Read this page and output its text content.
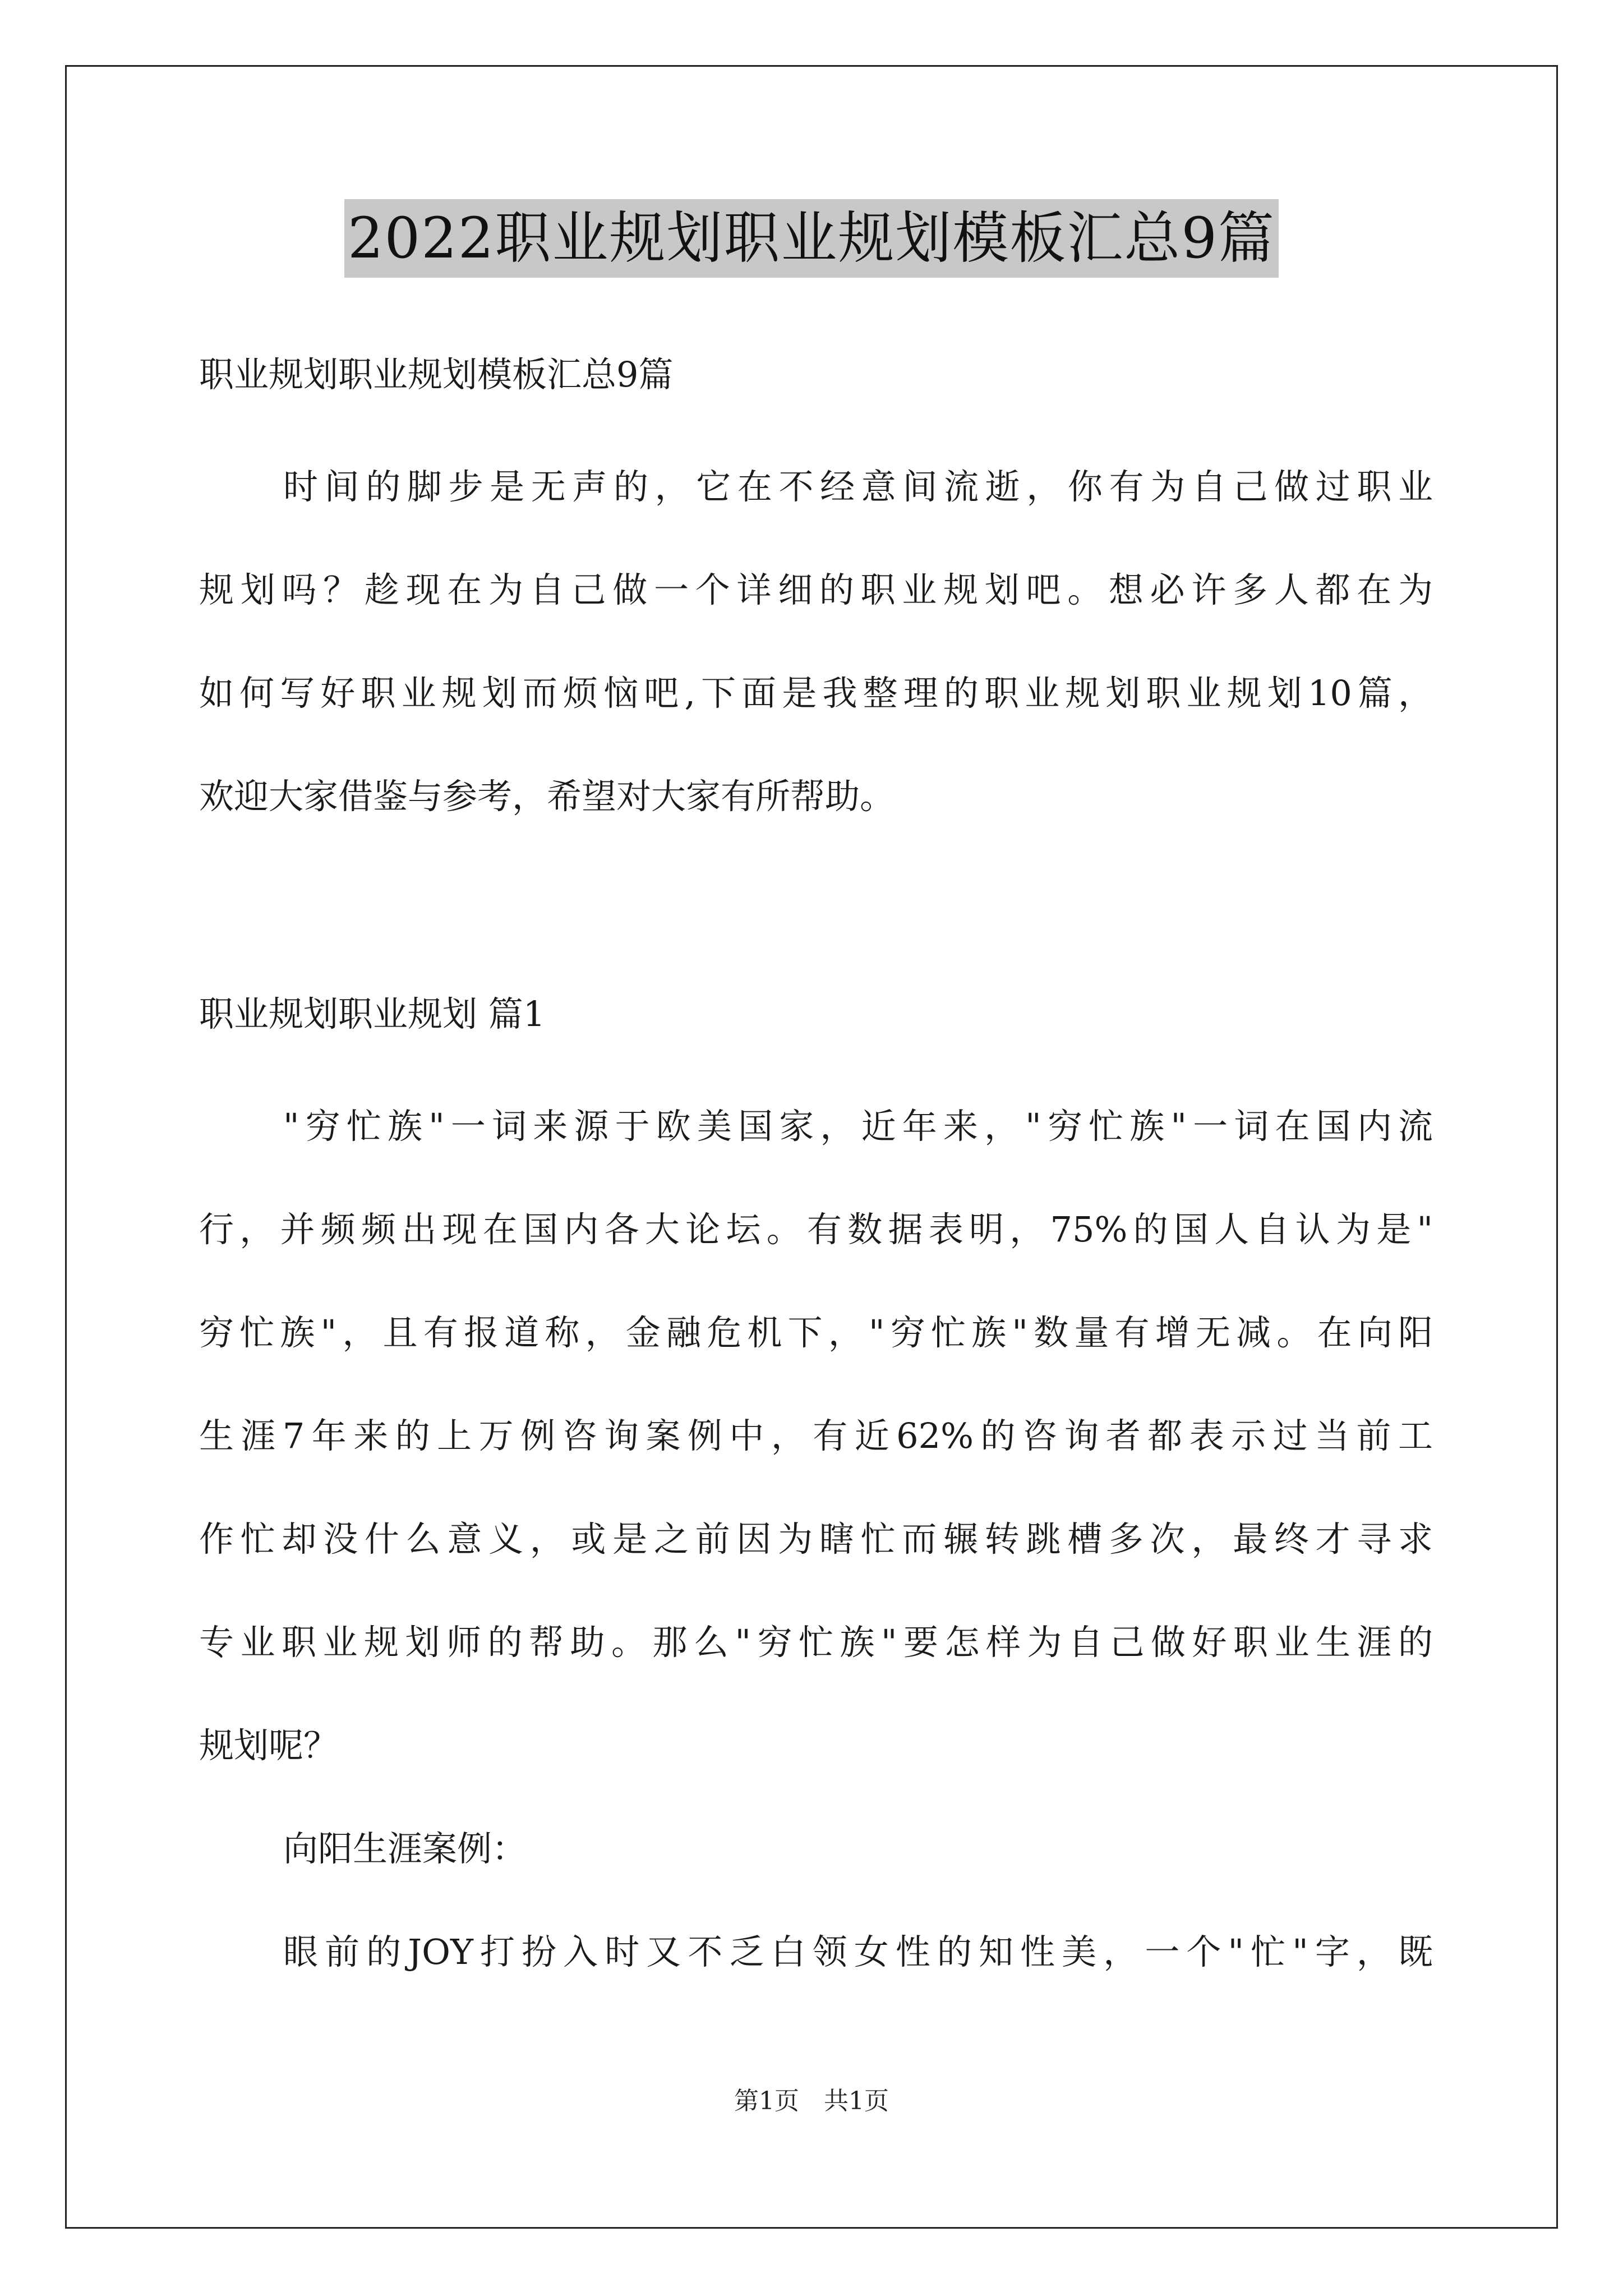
2022职业规划职业规划模板汇总9篇
职业规划职业规划模板汇总9篇
时间的脚步是无声的，它在不经意间流逝，你有为自己做过职业
规划吗？趁现在为自己做一个详细的职业规划吧。想必许多人都在为
如何写好职业规划而烦恼吧,下面是我整理的职业规划职业规划10篇，
欢迎大家借鉴与参考，希望对大家有所帮助。
职业规划职业规划 篇1
"穷忙族"一词来源于欧美国家，近年来，"穷忙族"一词在国内流
行，并频频出现在国内各大论坛。有数据表明，75%的国人自认为是"
穷忙族"，且有报道称，金融危机下，"穷忙族"数量有增无减。在向阳
生涯7年来的上万例咨询案例中，有近62%的咨询者都表示过当前工
作忙却没什么意义，或是之前因为瞎忙而辗转跳槽多次，最终才寻求
专业职业规划师的帮助。那么"穷忙族"要怎样为自己做好职业生涯的
规划呢？
向阳生涯案例：
眼前的JOY打扮入时又不乏白领女性的知性美，一个"忙"字，既
第1页　共1页
